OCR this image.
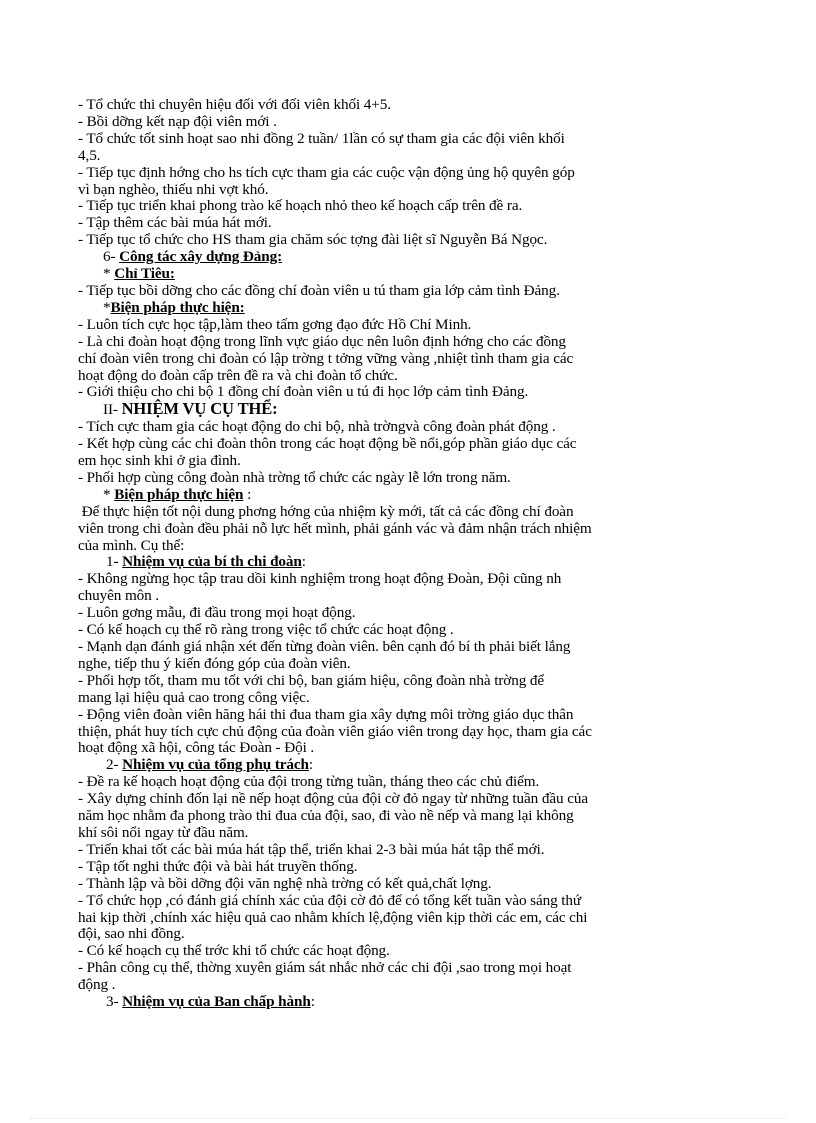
- Tổ chức thi chuyên hiệu đối với đối viên khối 4+5.
- Bồi dỡng kết nạp đội viên mới .
- Tổ chức tốt sinh hoạt sao nhi đồng 2 tuần/ 1lần có sự tham gia các đội viên khối
4,5.
- Tiếp tục định hớng cho hs tích cực tham gia các cuộc vận động ủng hộ quyên góp
vì bạn nghèo, thiếu nhi vợt khó.
- Tiếp tục triển khai phong trào kế hoạch nhỏ theo kế hoạch cấp trên đề ra.
- Tập thêm các bài múa hát mới.
- Tiếp tục tổ chức cho HS tham gia chăm sóc tợng đài liệt sĩ Nguyễn Bá Ngọc.
6- Công tác xây dựng Đảng:
* Chỉ Tiêu:
- Tiếp tục bồi dỡng cho các đồng chí đoàn viên u tú tham gia lớp cảm tình Đảng.
*Biện pháp thực hiện:
- Luôn tích cực học tập,làm theo tấm gơng đạo đức Hồ Chí Minh.
- Là chi đoàn hoạt động trong lĩnh vực giáo dục nên luôn định hớng cho các đồng
chí đoàn viên trong chi đoàn có lập trờng t tởng vững vàng ,nhiệt tình tham gia các
hoạt động do đoàn cấp trên đề ra và chi đoàn tổ chức.
- Giới thiệu cho chi bộ 1 đồng chí đoàn viên u tú đi học lớp cảm tình Đảng.
II- NHIỆM VỤ CỤ THỂ:
- Tích cực tham gia các hoạt động do chi bộ, nhà trờngvà công đoàn phát động .
- Kết hợp cùng các chi đoàn thôn trong các hoạt động bề nổi,góp phần giáo dục các
em học sinh khi ở gia đình.
- Phối hợp cùng công đoàn nhà trờng tổ chức các ngày lễ lớn trong năm.
* Biện pháp thực hiện :
Để thực hiện tốt nội dung phơng hớng của nhiệm kỳ mới, tất cả các đồng chí đoàn
viên trong chi đoàn đều phải nỗ lực hết mình, phải gánh vác và đảm nhận trách nhiệm
của mình. Cụ thể:
1- Nhiệm vụ của bí th chi đoàn:
- Không ngừng học tập trau dồi kinh nghiệm trong hoạt động Đoàn, Đội cũng nh
chuyên môn .
- Luôn gơng mẫu, đi đầu trong mọi hoạt động.
- Có kế hoạch cụ thể rõ ràng trong việc tổ chức các hoạt động .
- Mạnh dạn đánh giá nhận xét đến từng đoàn viên. bên cạnh đó bí th phải biết lắng
nghe, tiếp thu ý kiến đóng góp của đoàn viên.
- Phối hợp tốt, tham mu tốt với chi bộ, ban giám hiệu, công đoàn nhà trờng để
mang lại hiệu quả cao trong công việc.
- Động viên đoàn viên hăng hái thi đua tham gia xây dựng môi trờng giáo dục thân
thiện, phát huy tích cực chủ động của đoàn viên giáo viên trong dạy học, tham gia các
hoạt động xã hội, công tác Đoàn - Đội .
2- Nhiệm vụ của tổng phụ trách:
- Đề ra kế hoạch hoạt động của đội trong từng tuần, tháng theo các chủ điểm.
- Xây dựng chỉnh đốn lại nề nếp hoạt động của đội cờ đỏ ngay từ những tuần đầu của
năm học nhằm đa phong trào thi đua của đội, sao, đi vào nề nếp và mang lại không
khí sôi nổi ngay từ đầu năm.
- Triển khai tốt các bài múa hát tập thể, triển khai 2-3 bài múa hát tập thể mới.
- Tập tốt nghi thức đội và bài hát truyền thống.
- Thành lập và bồi dỡng đội văn nghệ nhà trờng có kết quả,chất lợng.
- Tổ chức họp ,có đánh giá chính xác của đội cờ đỏ để có tổng kết tuần vào sáng thứ
hai kịp thời ,chính xác hiệu quả cao nhằm khích lệ,động viên kịp thời các em, các chi
đội, sao nhi đồng.
- Có kế hoạch cụ thể trớc khi tổ chức các hoạt động.
- Phân công cụ thể, thờng xuyên giám sát nhắc nhở các chi đội ,sao trong mọi hoạt
động .
3- Nhiệm vụ của Ban chấp hành:
